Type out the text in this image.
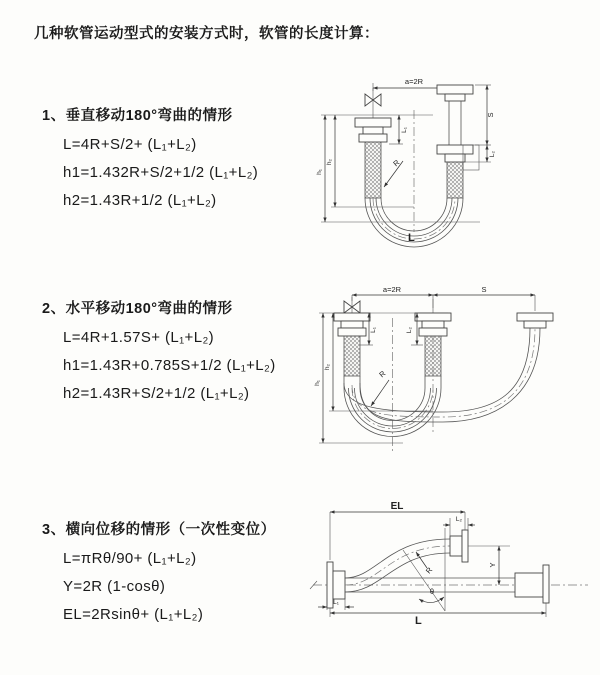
几种软管运动型式的安装方式时，软管的长度计算：
1、垂直移动180°弯曲的情形
L=4R+S/2+ (L₁+L₂)
h1=1.432R+S/2+1/2 (L₁+L₂)
h2=1.43R+1/2 (L₁+L₂)
2、水平移动180°弯曲的情形
L=4R+1.57S+ (L₁+L₂)
h1=1.43R+0.785S+1/2 (L₁+L₂)
h2=1.43R+S/2+1/2 (L₁+L₂)
3、横向位移的情形（一次性变位）
L=πRθ/90+ (L₁+L₂)
Y=2R (1-cosθ)
EL=2Rsinθ+ (L₁+L₂)
a=2R
L₁
S
L₂
h₂
h₁
R
L
a=2R	S
L₁	L₂
h₂
h₁
R
EL
L₂
Y
θ
R
L₁
L
